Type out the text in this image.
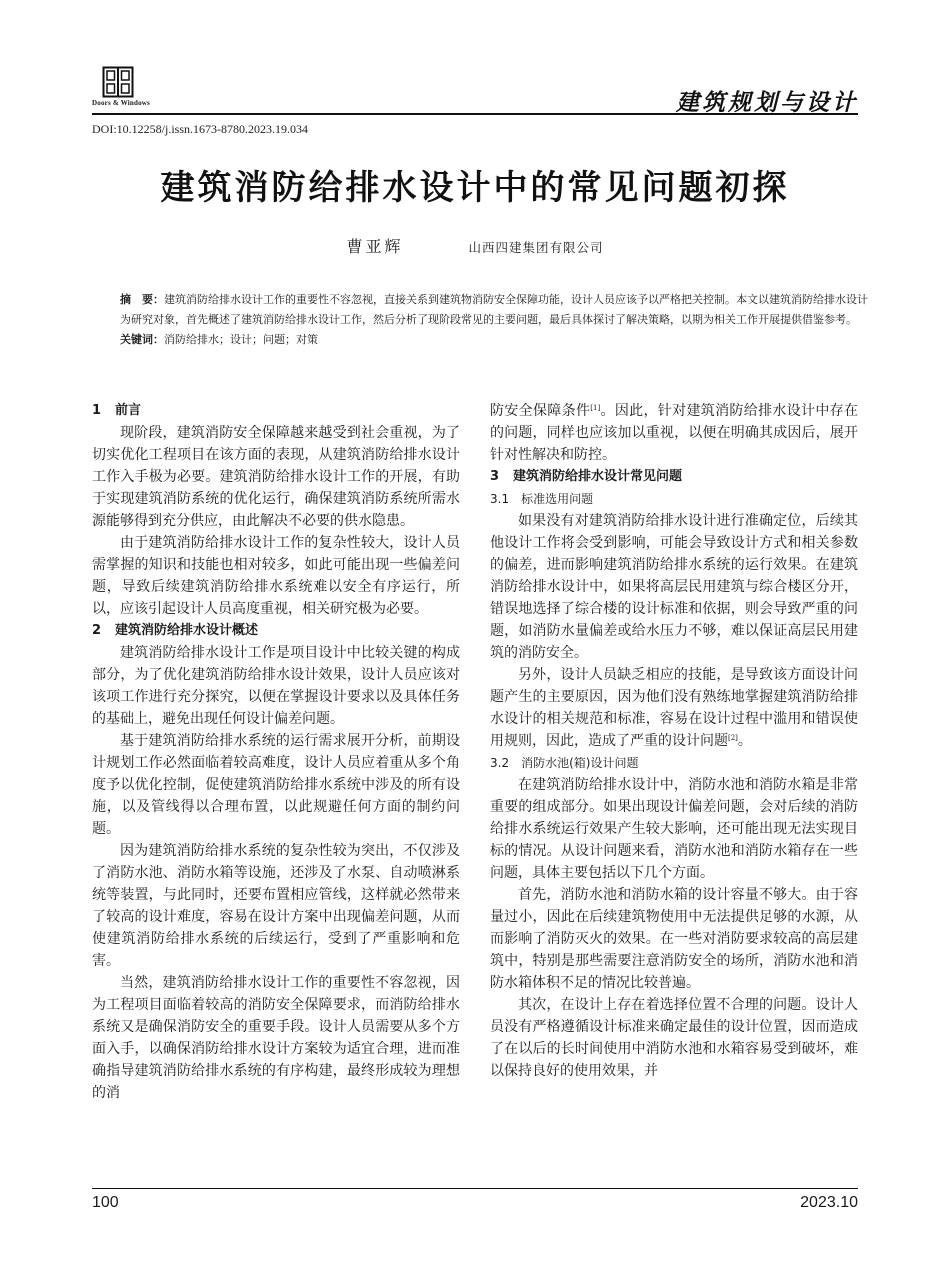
Doors & Windows	建筑规划与设计
DOI:10.12258/j.issn.1673-8780.2023.19.034
建筑消防给排水设计中的常见问题初探
曹亚辉	山西四建集团有限公司

摘　要：建筑消防给排水设计工作的重要性不容忽视，直接关系到建筑物消防安全保障功能，设计人员应该予以严格把关控制。本文以建筑消防给排水设计为研究对象，首先概述了建筑消防给排水设计工作，然后分析了现阶段常见的主要问题，最后具体探讨了解决策略，以期为相关工作开展提供借鉴参考。

关键词：消防给排水；设计；问题；对策

1 前言

现阶段，建筑消防安全保障越来越受到社会重视，为了切实优化工程项目在该方面的表现，从建筑消防给排水设计工作入手极为必要。建筑消防给排水设计工作的开展，有助于实现建筑消防系统的优化运行，确保建筑消防系统所需水源能够得到充分供应，由此解决不必要的供水隐患。

由于建筑消防给排水设计工作的复杂性较大，设计人员需掌握的知识和技能也相对较多，如此可能出现一些偏差问题，导致后续建筑消防给排水系统难以安全有序运行，所以，应该引起设计人员高度重视，相关研究极为必要。

2 建筑消防给排水设计概述

建筑消防给排水设计工作是项目设计中比较关键的构成部分，为了优化建筑消防给排水设计效果，设计人员应该对该项工作进行充分探究，以便在掌握设计要求以及具体任务的基础上，避免出现任何设计偏差问题。

基于建筑消防给排水系统的运行需求展开分析，前期设计规划工作必然面临着较高难度，设计人员应着重从多个角度予以优化控制，促使建筑消防给排水系统中涉及的所有设施，以及管线得以合理布置，以此规避任何方面的制约问题。

因为建筑消防给排水系统的复杂性较为突出，不仅涉及了消防水池、消防水箱等设施，还涉及了水泵、自动喷淋系统等装置，与此同时，还要布置相应管线，这样就必然带来了较高的设计难度，容易在设计方案中出现偏差问题，从而使建筑消防给排水系统的后续运行，受到了严重影响和危害。

当然，建筑消防给排水设计工作的重要性不容忽视，因为工程项目面临着较高的消防安全保障要求，而消防给排水系统又是确保消防安全的重要手段。设计人员需要从多个方面入手，以确保消防给排水设计方案较为适宜合理，进而准确指导建筑消防给排水系统的有序构建，最终形成较为理想的消

防安全保障条件[1]。因此，针对建筑消防给排水设计中存在的问题，同样也应该加以重视，以便在明确其成因后，展开针对性解决和防控。

3 建筑消防给排水设计常见问题
3.1 标准选用问题

如果没有对建筑消防给排水设计进行准确定位，后续其他设计工作将会受到影响，可能会导致设计方式和相关参数的偏差，进而影响建筑消防给排水系统的运行效果。在建筑消防给排水设计中，如果将高层民用建筑与综合楼区分开，错误地选择了综合楼的设计标准和依据，则会导致严重的问题，如消防水量偏差或给水压力不够，难以保证高层民用建筑的消防安全。

另外，设计人员缺乏相应的技能，是导致该方面设计问题产生的主要原因，因为他们没有熟练地掌握建筑消防给排水设计的相关规范和标准，容易在设计过程中滥用和错误使用规则，因此，造成了严重的设计问题[2]。

3.2 消防水池(箱)设计问题

在建筑消防给排水设计中，消防水池和消防水箱是非常重要的组成部分。如果出现设计偏差问题，会对后续的消防给排水系统运行效果产生较大影响，还可能出现无法实现目标的情况。从设计问题来看，消防水池和消防水箱存在一些问题，具体主要包括以下几个方面。

首先，消防水池和消防水箱的设计容量不够大。由于容量过小，因此在后续建筑物使用中无法提供足够的水源，从而影响了消防灭火的效果。在一些对消防要求较高的高层建筑中，特别是那些需要注意消防安全的场所，消防水池和消防水箱体积不足的情况比较普遍。

其次，在设计上存在着选择位置不合理的问题。设计人员没有严格遵循设计标准来确定最佳的设计位置，因而造成了在以后的长时间使用中消防水池和水箱容易受到破坏，难以保持良好的使用效果，并

100	2023.10
